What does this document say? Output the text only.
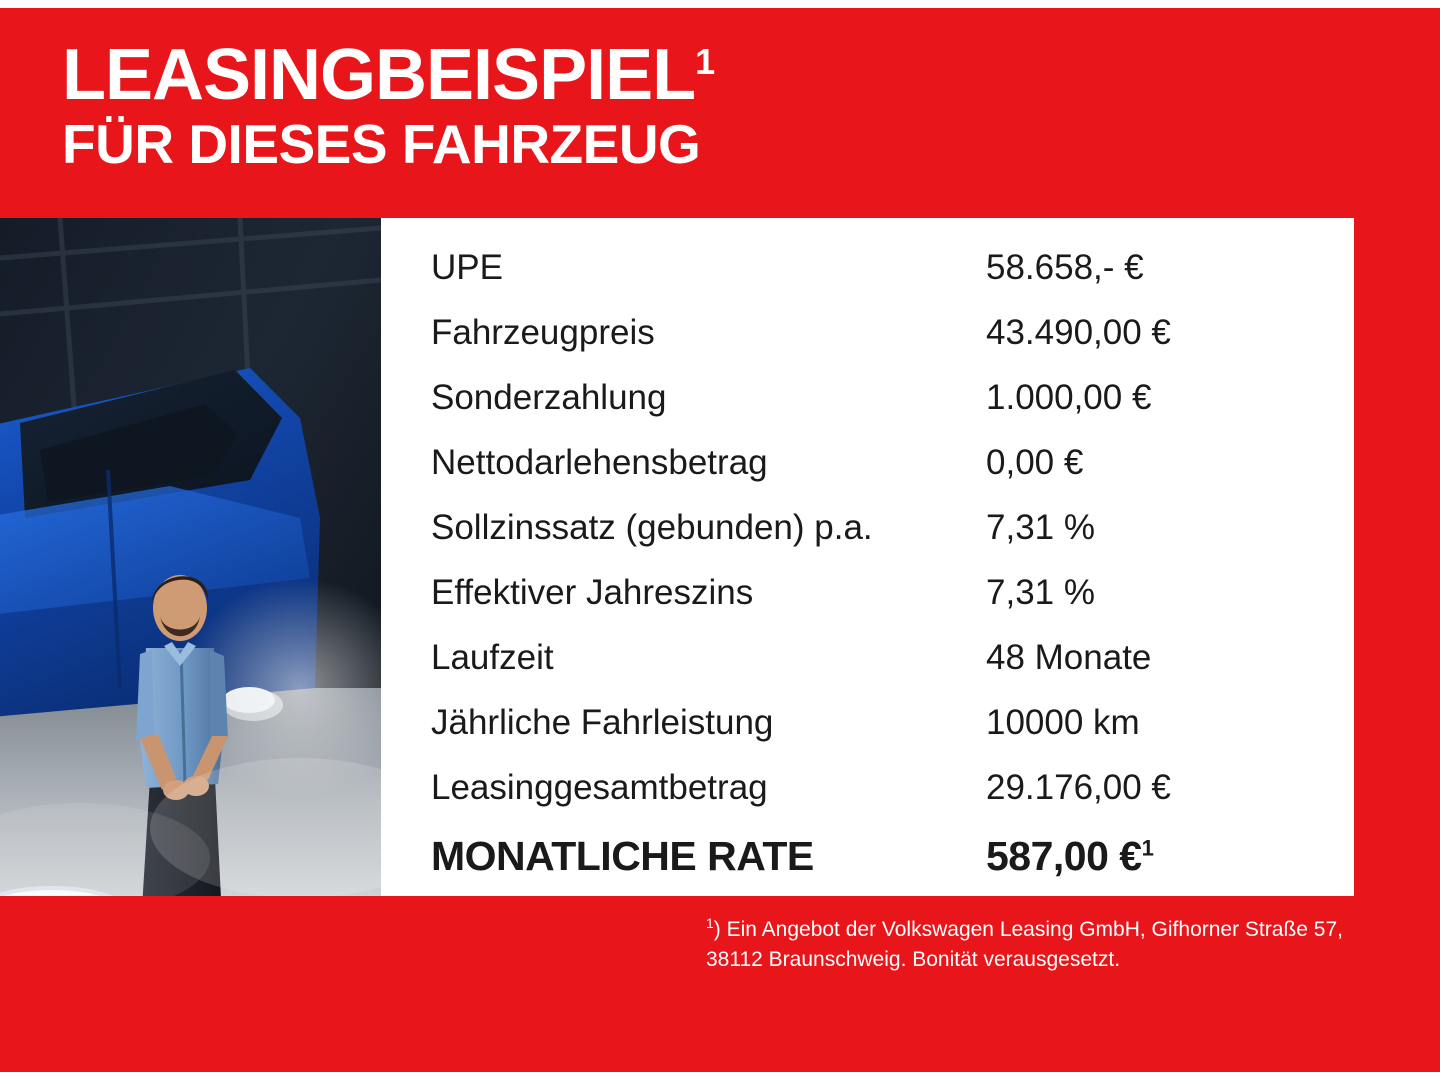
LEASINGBEISPIEL$^1$
FÜR DIESES FAHRZEUG
UPE	58.658,- €
Fahrzeugpreis	43.490,00 €
Sonderzahlung	1.000,00 €
Nettodarlehensbetrag	0,00 €
Sollzinssatz (gebunden) p.a.	7,31 %
Effektiver Jahreszins	7,31 %
Laufzeit	48 Monate
Jährliche Fahrleistung	10000 km
Leasinggesamtbetrag	29.176,00 €
MONATLICHE RATE	587,00 €$^1$
$^1$) Ein Angebot der Volkswagen Leasing GmbH, Gifhorner Straße 57, 38112 Braunschweig. Bonität verausgesetzt.
